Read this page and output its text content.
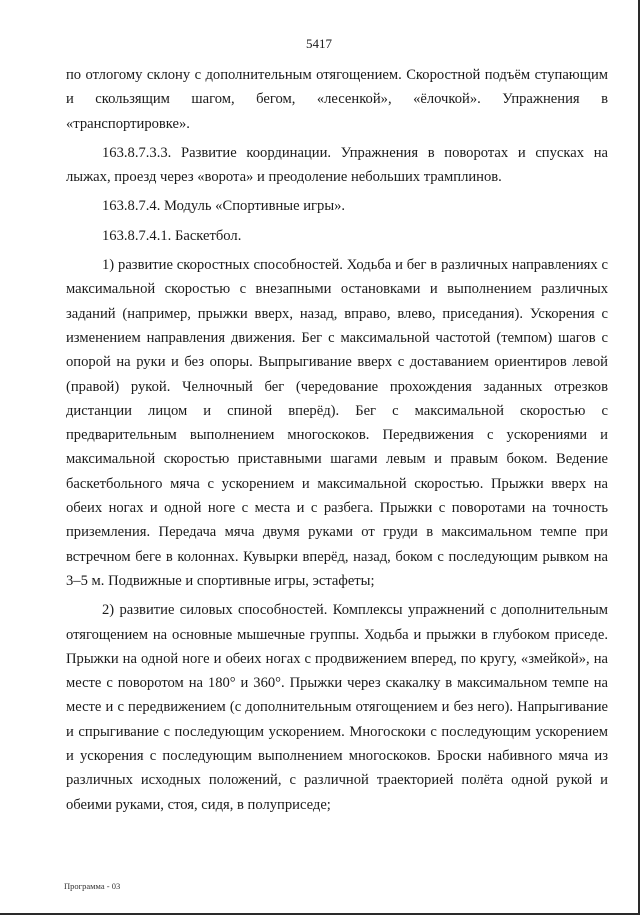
5417

по отлогому склону с дополнительным отягощением. Скоростной подъём ступающим и скользящим шагом, бегом, «лесенкой», «ёлочкой». Упражнения в «транспортировке».

163.8.7.3.3. Развитие координации. Упражнения в поворотах и спусках на лыжах, проезд через «ворота» и преодоление небольших трамплинов.

163.8.7.4. Модуль «Спортивные игры».

163.8.7.4.1. Баскетбол.

1) развитие скоростных способностей. Ходьба и бег в различных направлениях с максимальной скоростью с внезапными остановками и выполнением различных заданий (например, прыжки вверх, назад, вправо, влево, приседания). Ускорения с изменением направления движения. Бег с максимальной частотой (темпом) шагов с опорой на руки и без опоры. Выпрыгивание вверх с доставанием ориентиров левой (правой) рукой. Челночный бег (чередование прохождения заданных отрезков дистанции лицом и спиной вперёд). Бег с максимальной скоростью с предварительным выполнением многоскоков. Передвижения с ускорениями и максимальной скоростью приставными шагами левым и правым боком. Ведение баскетбольного мяча с ускорением и максимальной скоростью. Прыжки вверх на обеих ногах и одной ноге с места и с разбега. Прыжки с поворотами на точность приземления. Передача мяча двумя руками от груди в максимальном темпе при встречном беге в колоннах. Кувырки вперёд, назад, боком с последующим рывком на 3–5 м. Подвижные и спортивные игры, эстафеты;

2) развитие силовых способностей. Комплексы упражнений с дополнительным отягощением на основные мышечные группы. Ходьба и прыжки в глубоком приседе. Прыжки на одной ноге и обеих ногах с продвижением вперед, по кругу, «змейкой», на месте с поворотом на 180° и 360°. Прыжки через скакалку в максимальном темпе на месте и с передвижением (с дополнительным отягощением и без него). Напрыгивание и спрыгивание с последующим ускорением. Многоскоки с последующим ускорением и ускорения с последующим выполнением многоскоков. Броски набивного мяча из различных исходных положений, с различной траекторией полёта одной рукой и обеими руками, стоя, сидя, в полуприседе;

Программа - 03
